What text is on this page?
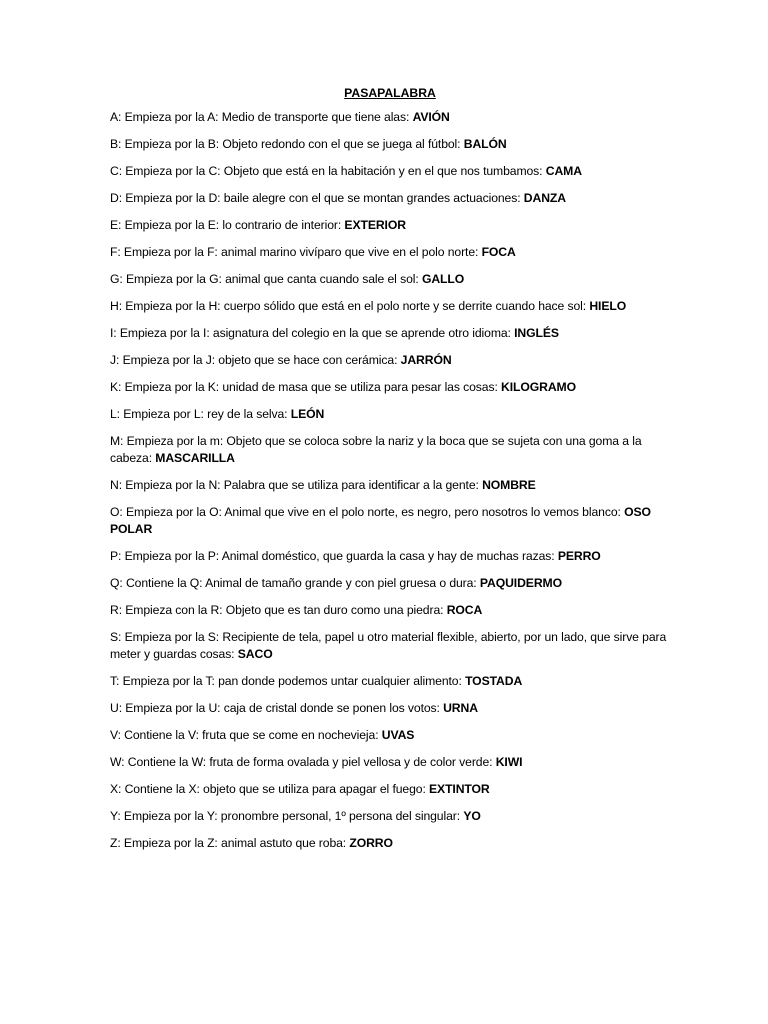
PASAPALABRA
A: Empieza por la A: Medio de transporte que tiene alas: AVIÓN
B: Empieza por la B: Objeto redondo con el que se juega al fútbol: BALÓN
C: Empieza por la C: Objeto que está en la habitación y en el que nos tumbamos: CAMA
D: Empieza por la D: baile alegre con el que se montan grandes actuaciones: DANZA
E: Empieza por la E: lo contrario de interior: EXTERIOR
F: Empieza por la F: animal marino vivíparo que vive en el polo norte: FOCA
G: Empieza por la G: animal que canta cuando sale el sol: GALLO
H: Empieza por la H: cuerpo sólido que está en el polo norte y se derrite cuando hace sol: HIELO
I: Empieza por la I: asignatura del colegio en la que se aprende otro idioma: INGLÉS
J: Empieza por la J: objeto que se hace con cerámica: JARRÓN
K: Empieza por la K: unidad de masa que se utiliza para pesar las cosas: KILOGRAMO
L: Empieza por L: rey de la selva: LEÓN
M: Empieza por la m: Objeto que se coloca sobre la nariz y la boca que se sujeta con una goma a la cabeza: MASCARILLA
N: Empieza por la N: Palabra que se utiliza para identificar a la gente: NOMBRE
O: Empieza por la O: Animal que vive en el polo norte, es negro, pero nosotros lo vemos blanco: OSO POLAR
P: Empieza por la P: Animal doméstico, que guarda la casa y hay de muchas razas: PERRO
Q: Contiene la Q: Animal de tamaño grande y con piel gruesa o dura: PAQUIDERMO
R: Empieza con la R: Objeto que es tan duro como una piedra: ROCA
S: Empieza por la S: Recipiente de tela, papel u otro material flexible, abierto, por un lado, que sirve para meter y guardas cosas: SACO
T: Empieza por la T: pan donde podemos untar cualquier alimento: TOSTADA
U: Empieza por la U: caja de cristal donde se ponen los votos: URNA
V: Contiene la V: fruta que se come en nochevieja: UVAS
W: Contiene la W: fruta de forma ovalada y piel vellosa y de color verde: KIWI
X: Contiene la X: objeto que se utiliza para apagar el fuego: EXTINTOR
Y: Empieza por la Y: pronombre personal, 1º persona del singular: YO
Z: Empieza por la Z: animal astuto que roba: ZORRO
